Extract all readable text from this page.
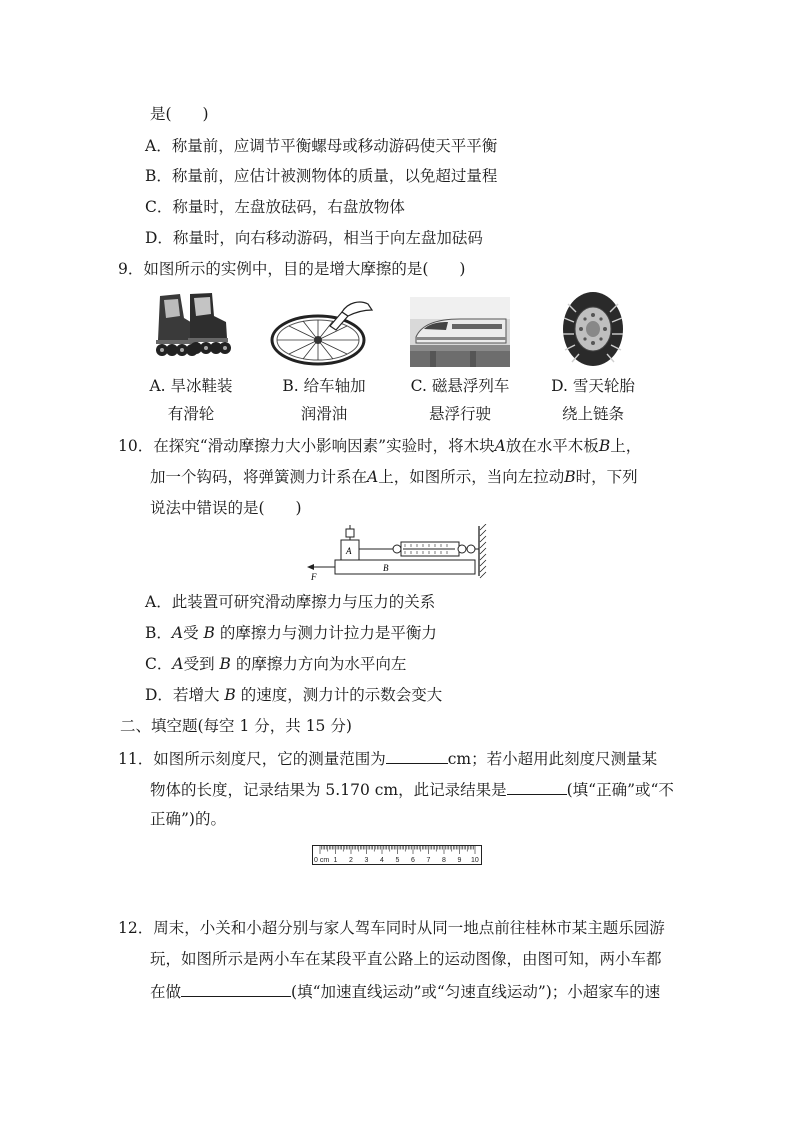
是(　　)
A．称量前，应调节平衡螺母或移动游码使天平平衡
B．称量前，应估计被测物体的质量，以免超过量程
C．称量时，左盘放砝码，右盘放物体
D．称量时，向右移动游码，相当于向左盘加砝码
9．如图所示的实例中，目的是增大摩擦的是(　　)
A. 旱冰鞋装
有滑轮
B. 给车轴加
润滑油
C. 磁悬浮列车
悬浮行驶
D. 雪天轮胎
绕上链条
10．在探究“滑动摩擦力大小影响因素”实验时，将木块A放在水平木板B上，
加一个钩码，将弹簧测力计系在A上，如图所示，当向左拉动B时，下列
说法中错误的是(　　)
B
A
F
A．此装置可研究滑动摩擦力与压力的关系
B．A受 B 的摩擦力与测力计拉力是平衡力
C．A受到 B 的摩擦力方向为水平向左
D．若增大 B 的速度，测力计的示数会变大
二、填空题(每空 1 分，共 15 分)
11．如图所示刻度尺，它的测量范围为	cm；若小超用此刻度尺测量某
物体的长度，记录结果为 5.170 cm，此记录结果是	(填“正确”或“不
正确”)的。
0 cm 1 2 3 4 5 6 7 8 9 10
12．周末，小关和小超分别与家人驾车同时从同一地点前往桂林市某主题乐园游
玩，如图所示是两小车在某段平直公路上的运动图像，由图可知，两小车都
在做	(填“加速直线运动”或“匀速直线运动”)；小超家车的速
